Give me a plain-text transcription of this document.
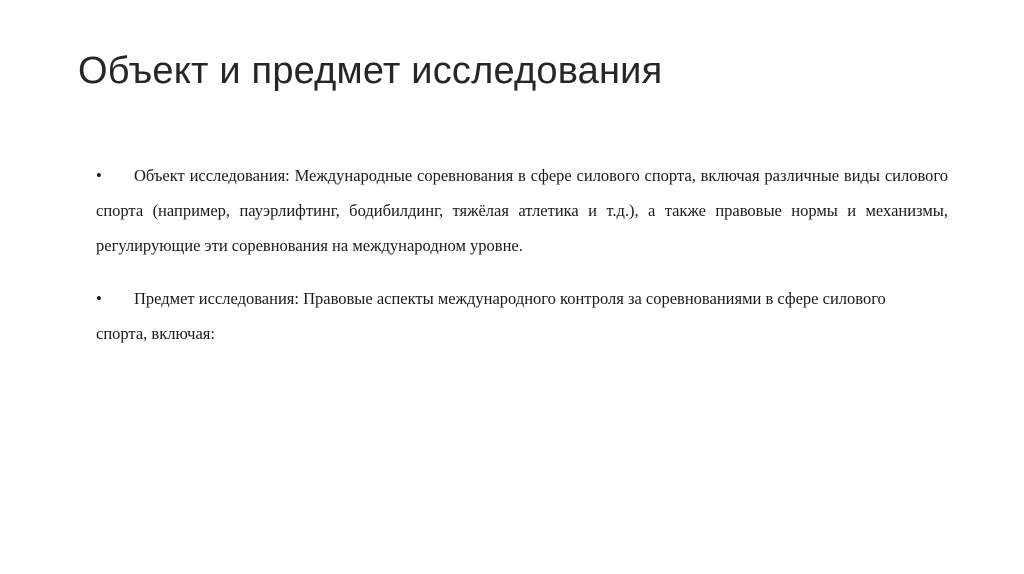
Объект и предмет исследования
• Объект исследования: Международные соревнования в сфере силового спорта, включая различные виды силового спорта (например, пауэрлифтинг, бодибилдинг, тяжёлая атлетика и т.д.), а также правовые нормы и механизмы, регулирующие эти соревнования на международном уровне.
• Предмет исследования: Правовые аспекты международного контроля за соревнованиями в сфере силового спорта, включая:
